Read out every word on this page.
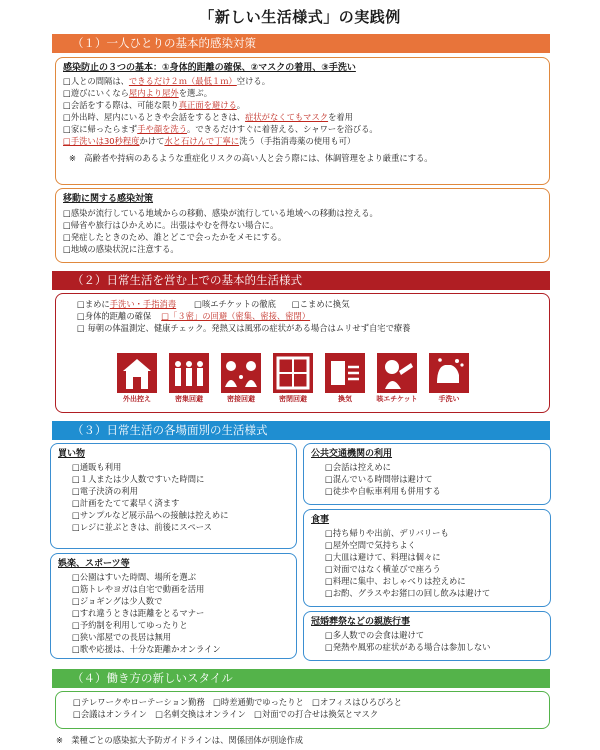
「新しい生活様式」の実践例
（１）一人ひとりの基本的感染対策
感染防止の３つの基本：①身体的距離の確保、②マスクの着用、③手洗い
□人との間隔は、できるだけ２ｍ（最低１ｍ）空ける。
□遊びにいくなら屋内より屋外を選ぶ。
□会話をする際は、可能な限り真正面を避ける。
□外出時、屋内にいるときや会話をするときは、症状がなくてもマスクを着用
□家に帰ったらまず手や顔を洗う。できるだけすぐに着替える、シャワーを浴びる。
□手洗いは30秒程度かけて水と石けんで丁寧に洗う（手指消毒薬の使用も可）
※　高齢者や持病のあるような重症化リスクの高い人と会う際には、体調管理をより厳重にする。
移動に関する感染対策
□感染が流行している地域からの移動、感染が流行している地域への移動は控える。
□帰省や旅行はひかえめに。出張はやむを得ない場合に。
□発症したときのため、誰とどこで会ったかをメモにする。
□地域の感染状況に注意する。
（２）日常生活を営む上での基本的生活様式
□まめに手洗い・手指消毒 □咳エチケットの徹底 □こまめに換気
□身体的距離の確保 □「３密」の回避（密集、密接、密閉）
□ 毎朝の体温測定、健康チェック。発熱又は風邪の症状がある場合はムリせず自宅で療養
外出控え	密集回避	密接回避	密閉回避	換気	咳エチケット	手洗い
（３）日常生活の各場面別の生活様式
買い物
□通販も利用
□１人または少人数ですいた時間に
□電子決済の利用
□計画をたてて素早く済ます
□サンプルなど展示品への接触は控えめに
□レジに並ぶときは、前後にスペース
公共交通機関の利用
□会話は控えめに
□混んでいる時間帯は避けて
□徒歩や自転車利用も併用する
娯楽、スポーツ等
□公園はすいた時間、場所を選ぶ
□筋トレやヨガは自宅で動画を活用
□ジョギングは少人数で
□すれ違うときは距離をとるマナー
□予約制を利用してゆったりと
□狭い部屋での長居は無用
□歌や応援は、十分な距離かオンライン
食事
□持ち帰りや出前、デリバリーも
□屋外空間で気持ちよく
□大皿は避けて、料理は個々に
□対面ではなく横並びで座ろう
□料理に集中、おしゃべりは控えめに
□お酌、グラスやお猪口の回し飲みは避けて
冠婚葬祭などの親族行事
□多人数での会食は避けて
□発熱や風邪の症状がある場合は参加しない
（４）働き方の新しいスタイル
□テレワークやローテーション勤務　□時差通勤でゆったりと　□オフィスはひろびろと
□会議はオンライン　□名刺交換はオンライン　□対面での打合せは換気とマスク
※　業種ごとの感染拡大予防ガイドラインは、関係団体が別途作成
